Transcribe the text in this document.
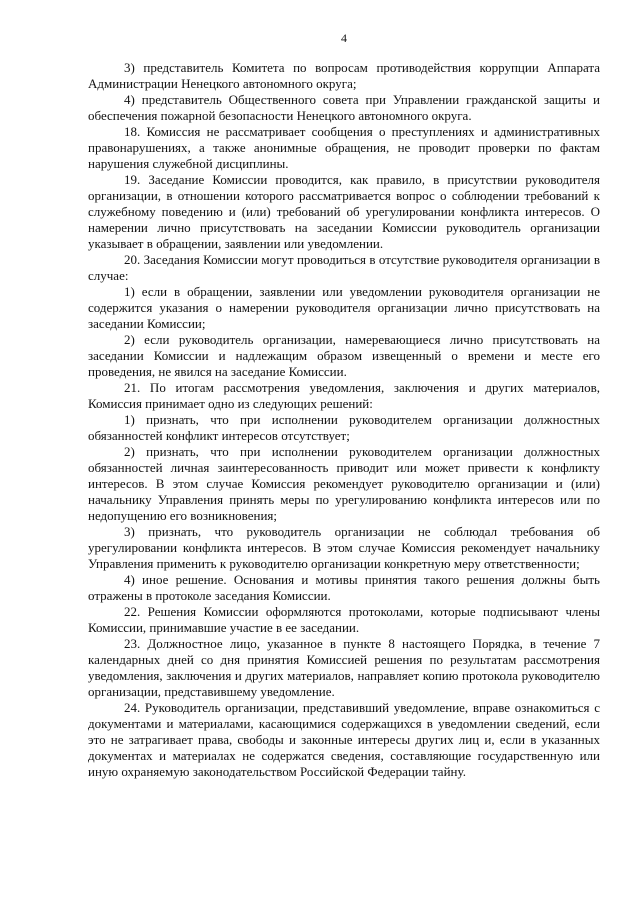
4

3) представитель Комитета по вопросам противодействия коррупции Аппарата Администрации Ненецкого автономного округа;

4) представитель Общественного совета при Управлении гражданской защиты и обеспечения пожарной безопасности Ненецкого автономного округа.

18. Комиссия не рассматривает сообщения о преступлениях и административных правонарушениях, а также анонимные обращения, не проводит проверки по фактам нарушения служебной дисциплины.

19. Заседание Комиссии проводится, как правило, в присутствии руководителя организации, в отношении которого рассматривается вопрос о соблюдении требований к служебному поведению и (или) требований об урегулировании конфликта интересов. О намерении лично присутствовать на заседании Комиссии руководитель организации указывает в обращении, заявлении или уведомлении.

20. Заседания Комиссии могут проводиться в отсутствие руководителя организации в случае:

1) если в обращении, заявлении или уведомлении руководителя организации не содержится указания о намерении руководителя организации лично присутствовать на заседании Комиссии;

2) если руководитель организации, намеревающиеся лично присутствовать на заседании Комиссии и надлежащим образом извещенный о времени и месте его проведения, не явился на заседание Комиссии.

21. По итогам рассмотрения уведомления, заключения и других материалов, Комиссия принимает одно из следующих решений:

1) признать, что при исполнении руководителем организации должностных обязанностей конфликт интересов отсутствует;

2) признать, что при исполнении руководителем организации должностных обязанностей личная заинтересованность приводит или может привести к конфликту интересов. В этом случае Комиссия рекомендует руководителю организации и (или) начальнику Управления принять меры по урегулированию конфликта интересов или по недопущению его возникновения;

3) признать, что руководитель организации не соблюдал требования об урегулировании конфликта интересов. В этом случае Комиссия рекомендует начальнику Управления применить к руководителю организации конкретную меру ответственности;

4) иное решение. Основания и мотивы принятия такого решения должны быть отражены в протоколе заседания Комиссии.

22. Решения Комиссии оформляются протоколами, которые подписывают члены Комиссии, принимавшие участие в ее заседании.

23. Должностное лицо, указанное в пункте 8 настоящего Порядка, в течение 7 календарных дней со дня принятия Комиссией решения по результатам рассмотрения уведомления, заключения и других материалов, направляет копию протокола руководителю организации, представившему уведомление.

24. Руководитель организации, представивший уведомление, вправе ознакомиться с документами и материалами, касающимися содержащихся в уведомлении сведений, если это не затрагивает права, свободы и законные интересы других лиц и, если в указанных документах и материалах не содержатся сведения, составляющие государственную или иную охраняемую законодательством Российской Федерации тайну.
